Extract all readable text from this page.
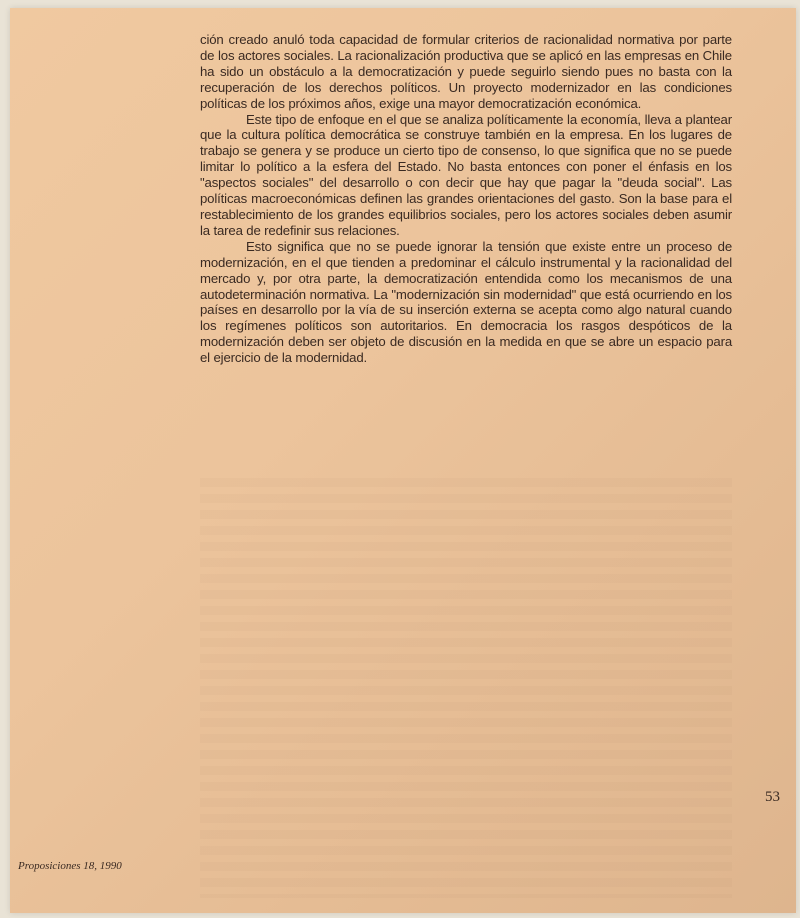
ción creado anuló toda capacidad de formular criterios de racionalidad normativa por parte de los actores sociales. La racionalización productiva que se aplicó en las empresas en Chile ha sido un obstáculo a la democratización y puede seguirlo siendo pues no basta con la recuperación de los derechos políticos. Un proyecto modernizador en las condiciones políticas de los próximos años, exige una mayor democratización económica.

Este tipo de enfoque en el que se analiza políticamente la economía, lleva a plantear que la cultura política democrática se construye también en la empresa. En los lugares de trabajo se genera y se produce un cierto tipo de consenso, lo que significa que no se puede limitar lo político a la esfera del Estado. No basta entonces con poner el énfasis en los "aspectos sociales" del desarrollo o con decir que hay que pagar la "deuda social". Las políticas macroeconómicas definen las grandes orientaciones del gasto. Son la base para el restablecimiento de los grandes equilibrios sociales, pero los actores sociales deben asumir la tarea de redefinir sus relaciones.

Esto significa que no se puede ignorar la tensión que existe entre un proceso de modernización, en el que tienden a predominar el cálculo instrumental y la racionalidad del mercado y, por otra parte, la democratización entendida como los mecanismos de una autodeterminación normativa. La "modernización sin modernidad" que está ocurriendo en los países en desarrollo por la vía de su inserción externa se acepta como algo natural cuando los regímenes políticos son autoritarios. En democracia los rasgos despóticos de la modernización deben ser objeto de discusión en la medida en que se abre un espacio para el ejercicio de la modernidad.

53
Proposiciones 18, 1990
